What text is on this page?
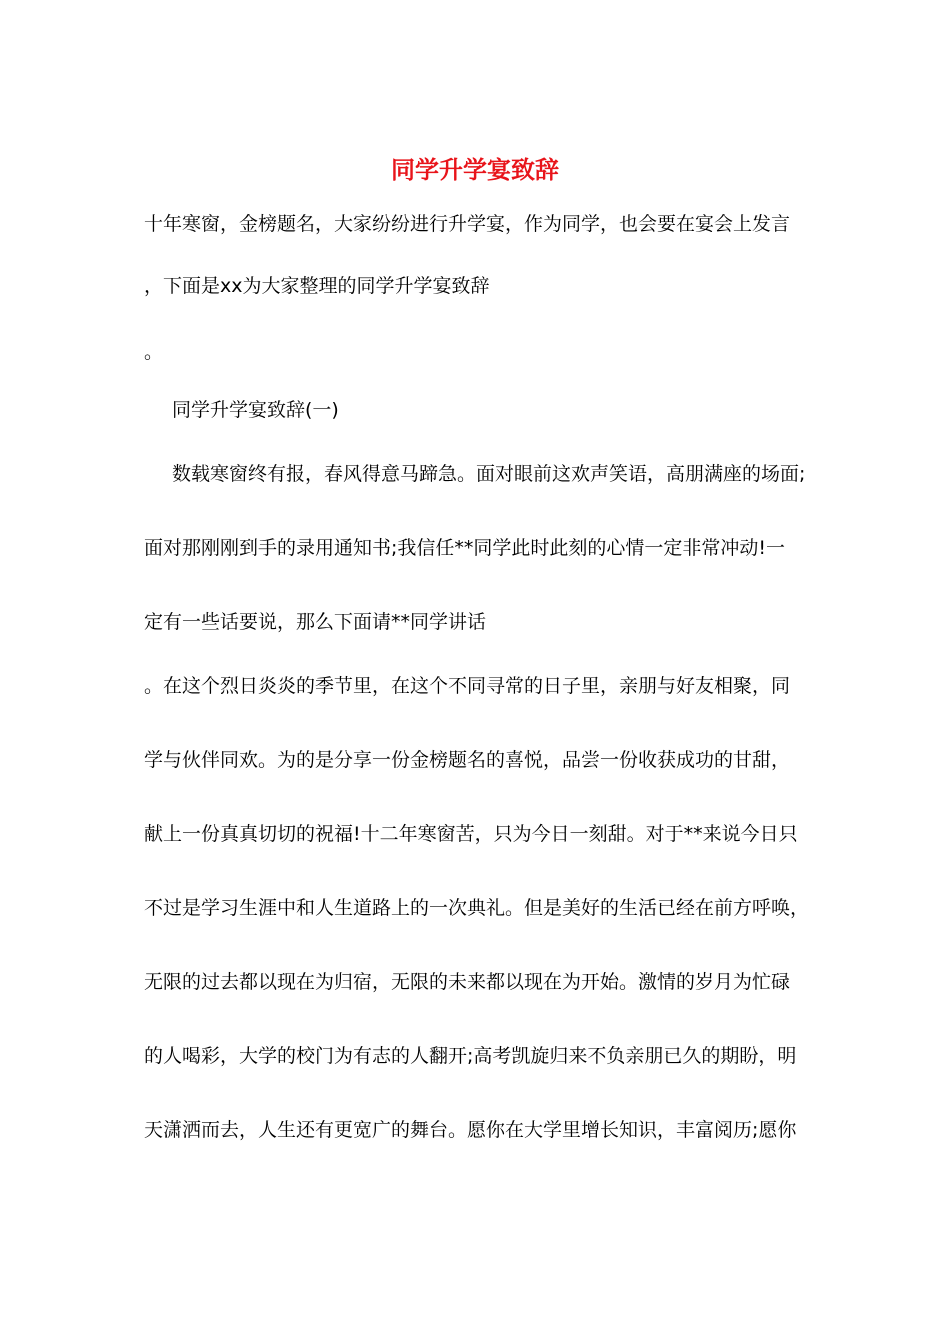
同学升学宴致辞
十年寒窗，金榜题名，大家纷纷进行升学宴，作为同学，也会要在宴会上发言
，下面是xx为大家整理的同学升学宴致辞
。
同学升学宴致辞(一)
数载寒窗终有报，春风得意马蹄急。面对眼前这欢声笑语，高朋满座的场面;
面对那刚刚到手的录用通知书;我信任**同学此时此刻的心情一定非常冲动!一
定有一些话要说，那么下面请**同学讲话
。在这个烈日炎炎的季节里，在这个不同寻常的日子里，亲朋与好友相聚，同
学与伙伴同欢。为的是分享一份金榜题名的喜悦，品尝一份收获成功的甘甜，
献上一份真真切切的祝福!十二年寒窗苦，只为今日一刻甜。对于**来说今日只
不过是学习生涯中和人生道路上的一次典礼。但是美好的生活已经在前方呼唤，
无限的过去都以现在为归宿，无限的未来都以现在为开始。激情的岁月为忙碌
的人喝彩，大学的校门为有志的人翻开;高考凯旋归来不负亲朋已久的期盼，明
天潇洒而去，人生还有更宽广的舞台。愿你在大学里增长知识，丰富阅历;愿你
